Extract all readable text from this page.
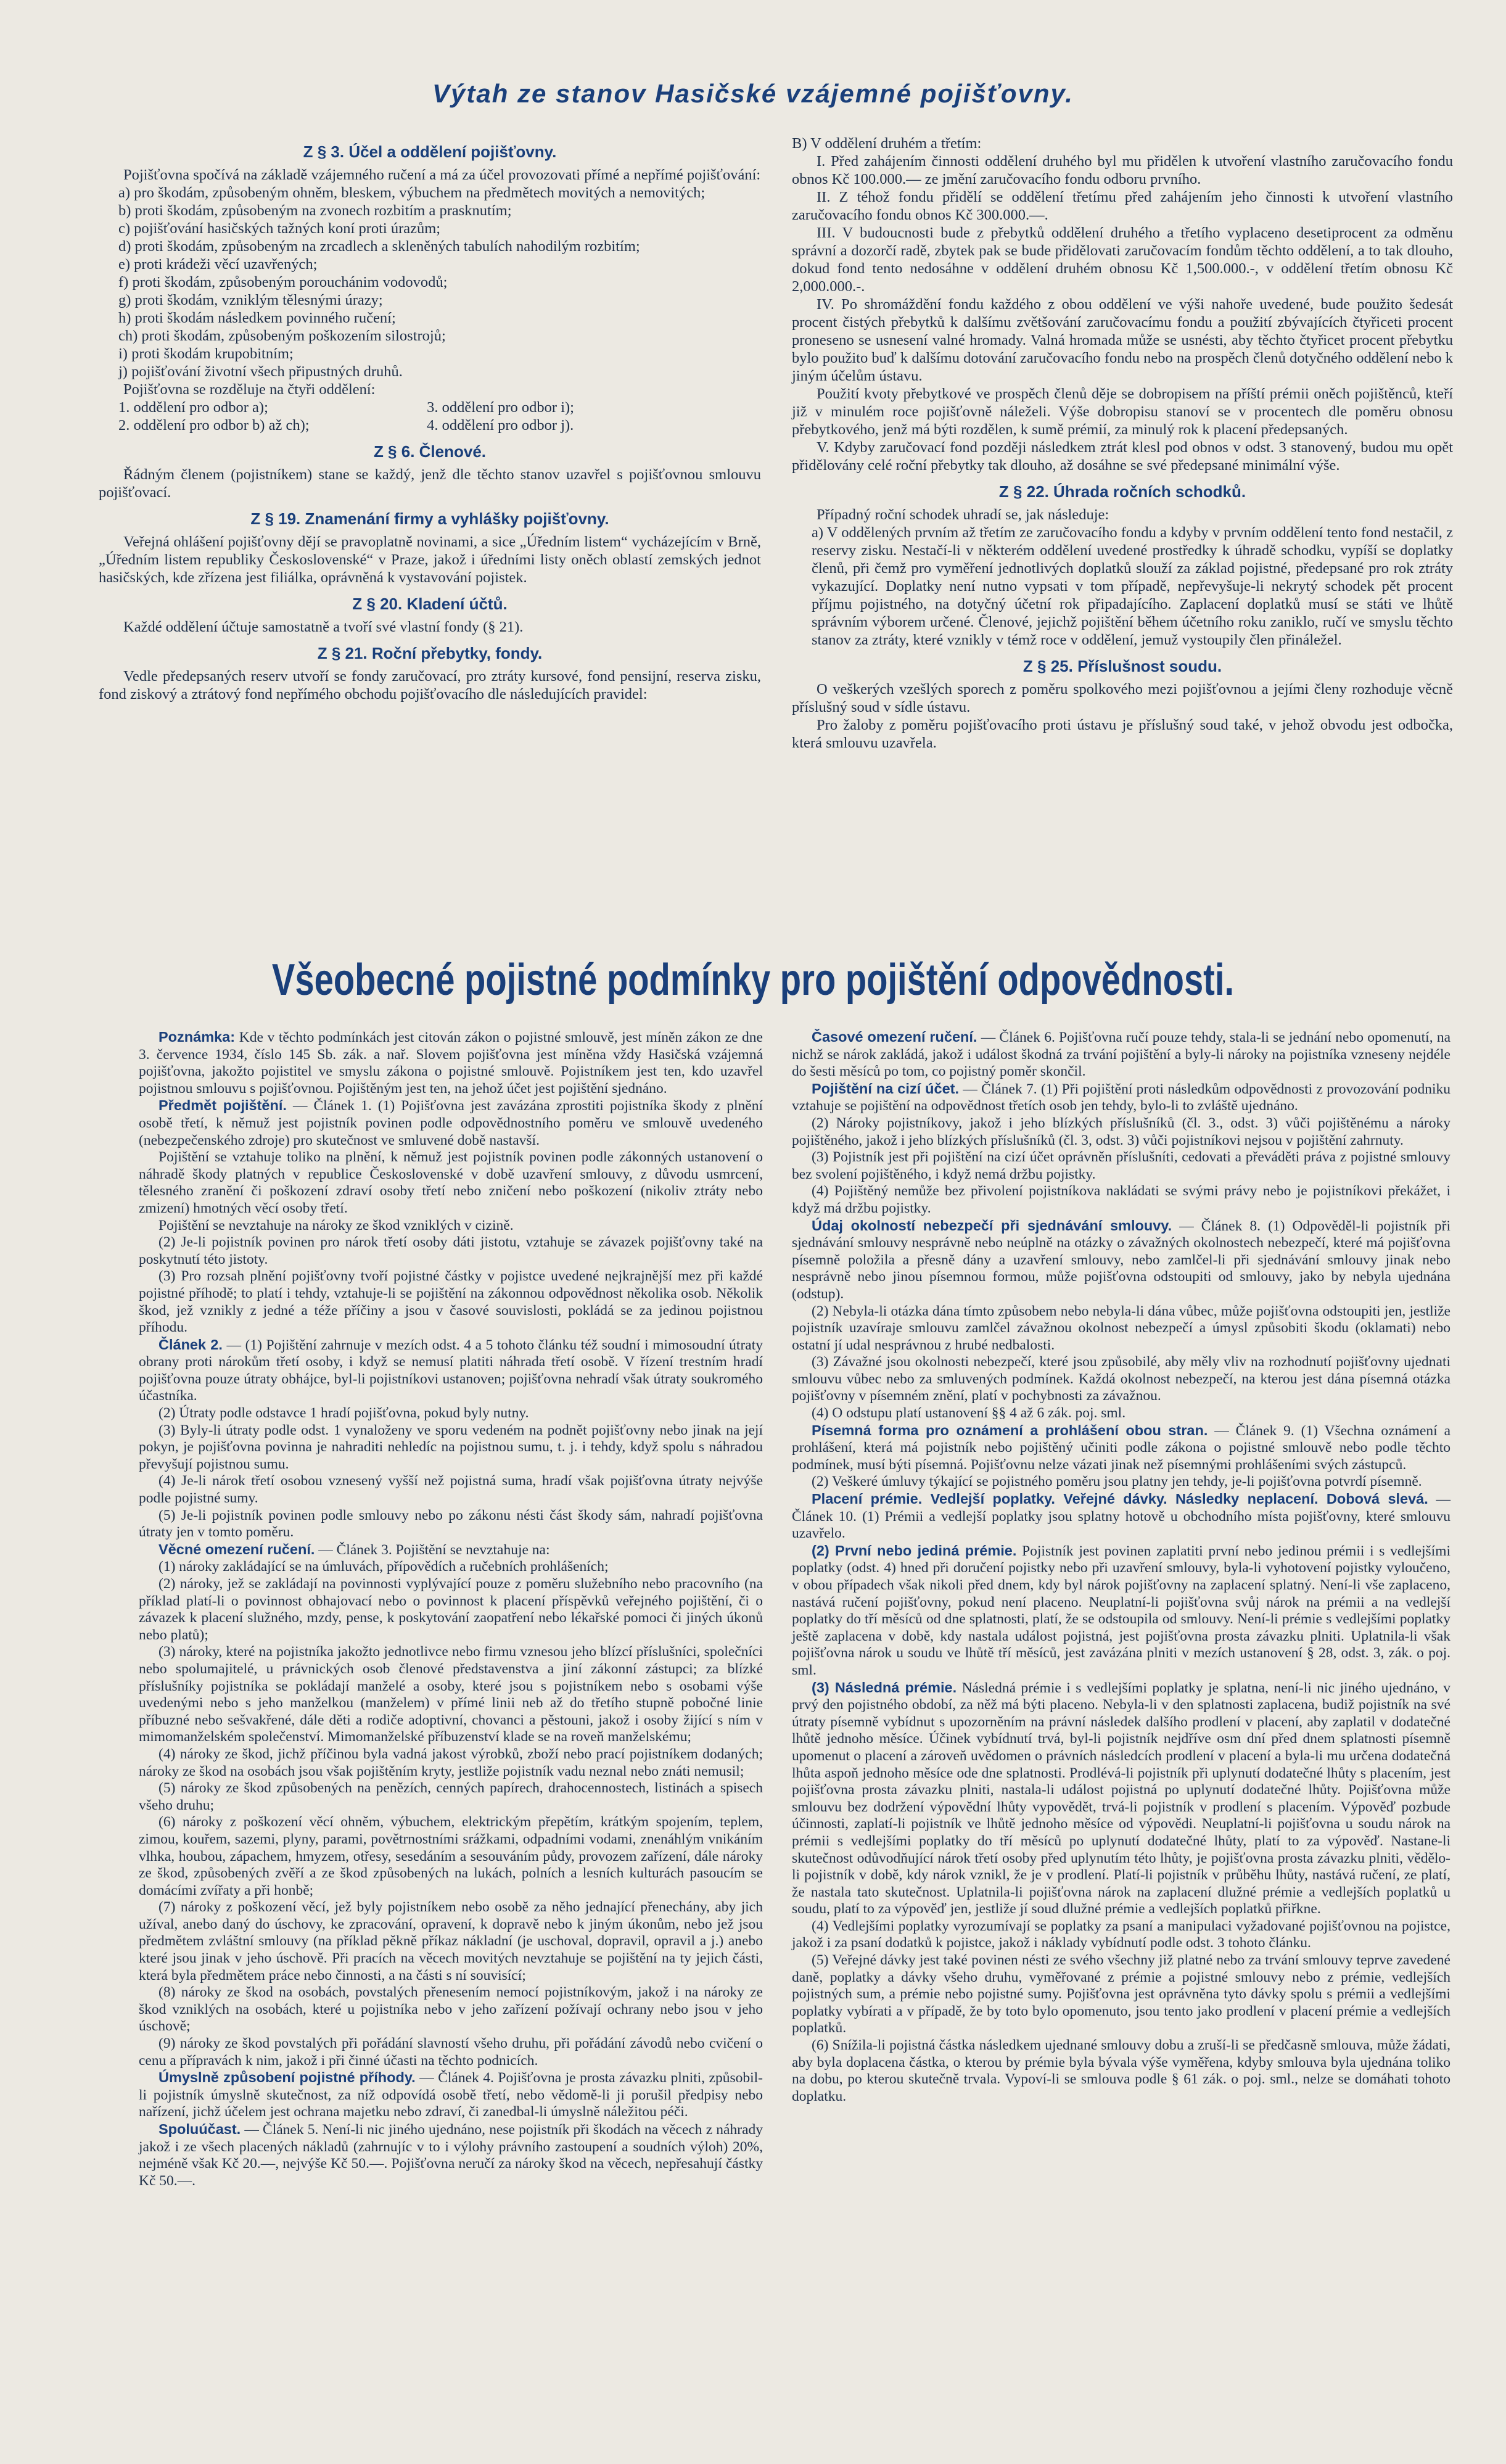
Výtah ze stanov Hasičské vzájemné pojišťovny.
Z § 3. Účel a oddělení pojišťovny.

Pojišťovna spočívá na základě vzájemného ručení a má za účel provozovati přímé a nepřímé pojišťování:

a) pro škodám, způsobeným ohněm, bleskem, výbuchem na předmětech movitých a nemovitých;

b) proti škodám, způsobeným na zvonech rozbitím a prasknutím;

c) pojišťování hasičských tažných koní proti úrazům;

d) proti škodám, způsobeným na zrcadlech a skleněných tabulích nahodilým rozbitím;

e) proti krádeži věcí uzavřených;

f) proti škodám, způsobeným porouchánim vodovodů;

g) proti škodám, vzniklým tělesnými úrazy;

h) proti škodám následkem povinného ručení;

ch) proti škodám, způsobeným poškozením silostrojů;

i) proti škodám krupobitním;

j) pojišťování životní všech připustných druhů.

Pojišťovna se rozděluje na čtyři oddělení:

1. oddělení pro odbor a);	3. oddělení pro odbor i);
2. oddělení pro odbor b) až ch);	4. oddělení pro odbor j).
Z § 6. Členové.

Řádným členem (pojistníkem) stane se každý, jenž dle těchto stanov uzavřel s pojišťovnou smlouvu pojišťovací.

Z § 19. Znamenání firmy a vyhlášky pojišťovny.

Veřejná ohlášení pojišťovny dějí se pravoplatně novinami, a sice „Úředním listem“ vycházejícím v Brně, „Úředním listem republiky Československé“ v Praze, jakož i úředními listy oněch oblastí zemských jednot hasičských, kde zřízena jest filiálka, oprávněná k vystavování pojistek.

Z § 20. Kladení účtů.

Každé oddělení účtuje samostatně a tvoří své vlastní fondy (§ 21).

Z § 21. Roční přebytky, fondy.

Vedle předepsaných reserv utvoří se fondy zaručovací, pro ztráty kursové, fond pensijní, reserva zisku, fond ziskový a ztrátový fond nepřímého obchodu pojišťovacího dle následujících pravidel:

B) V oddělení druhém a třetím:

I. Před zahájením činnosti oddělení druhého byl mu přidělen k utvoření vlastního zaručovacího fondu obnos Kč 100.000.— ze jmění zaručovacího fondu odboru prvního.

II. Z téhož fondu přidělí se oddělení třetímu před zahájením jeho činnosti k utvoření vlastního zaručovacího fondu obnos Kč 300.000.—.

III. V budoucnosti bude z přebytků oddělení druhého a třetího vyplaceno desetiprocent za odměnu správní a dozorčí radě, zbytek pak se bude přidělovati zaručovacím fondům těchto oddělení, a to tak dlouho, dokud fond tento nedosáhne v oddělení druhém obnosu Kč 1,500.000.-, v oddělení třetím obnosu Kč 2,000.000.-.

IV. Po shromáždění fondu každého z obou oddělení ve výši nahoře uvedené, bude použito šedesát procent čistých přebytků k dalšímu zvětšování zaručovacímu fondu a použití zbývajících čtyřiceti procent proneseno se usnesení valné hromady. Valná hromada může se usnésti, aby těchto čtyřicet procent přebytku bylo použito buď k dalšímu dotování zaručovacího fondu nebo na prospěch členů dotyčného oddělení nebo k jiným účelům ústavu.

Použití kvoty přebytkové ve prospěch členů děje se dobropisem na příští prémii oněch pojištěnců, kteří již v minulém roce pojišťovně náleželi. Výše dobropisu stanoví se v procentech dle poměru obnosu přebytkového, jenž má býti rozdělen, k sumě prémií, za minulý rok k placení předepsaných.

V. Kdyby zaručovací fond později následkem ztrát klesl pod obnos v odst. 3 stanovený, budou mu opět přidělovány celé roční přebytky tak dlouho, až dosáhne se své předepsané minimální výše.

Z § 22. Úhrada ročních schodků.

Případný roční schodek uhradí se, jak následuje:

a) V oddělených prvním až třetím ze zaručovacího fondu a kdyby v prvním oddělení tento fond nestačil, z reservy zisku. Nestačí-li v některém oddělení uvedené prostředky k úhradě schodku, vypíší se doplatky členů, při čemž pro vyměření jednotlivých doplatků slouží za základ pojistné, předepsané pro rok ztráty vykazující. Doplatky není nutno vypsati v tom případě, nepřevyšuje-li nekrytý schodek pět procent příjmu pojistného, na dotyčný účetní rok připadajícího. Zaplacení doplatků musí se státi ve lhůtě správním výborem určené. Členové, jejichž pojištění během účetního roku zaniklo, ručí ve smyslu těchto stanov za ztráty, které vznikly v témž roce v oddělení, jemuž vystoupily člen přináležel.

Z § 25. Příslušnost soudu.

O veškerých vzešlých sporech z poměru spolkového mezi pojišťovnou a jejími členy rozhoduje věcně příslušný soud v sídle ústavu.

Pro žaloby z poměru pojišťovacího proti ústavu je příslušný soud také, v jehož obvodu jest odbočka, která smlouvu uzavřela.

Všeobecné pojistné podmínky pro pojištění odpovědnosti.

Poznámka: Kde v těchto podmínkách jest citován zákon o pojistné smlouvě, jest míněn zákon ze dne 3. července 1934, číslo 145 Sb. zák. a nař. Slovem pojišťovna jest míněna vždy Hasičská vzájemná pojišťovna, jakožto pojistitel ve smyslu zákona o pojistné smlouvě. Pojistníkem jest ten, kdo uzavřel pojistnou smlouvu s pojišťovnou. Pojištěným jest ten, na jehož účet jest pojištění sjednáno.

Předmět pojištění. — Článek 1. (1) Pojišťovna jest zavázána zprostiti pojistníka škody z plnění osobě třetí, k němuž jest pojistník povinen podle odpovědnostního poměru ve smlouvě uvedeného (nebezpečenského zdroje) pro skutečnost ve smluvené době nastavší.

Pojištění se vztahuje toliko na plnění, k němuž jest pojistník povinen podle zákonných ustanovení o náhradě škody platných v republice Československé v době uzavření smlouvy, z důvodu usmrcení, tělesného zranění či poškození zdraví osoby třetí nebo zničení nebo poškození (nikoliv ztráty nebo zmizení) hmotných věcí osoby třetí.

Pojištění se nevztahuje na nároky ze škod vzniklých v cizině.

(2) Je-li pojistník povinen pro nárok třetí osoby dáti jistotu, vztahuje se závazek pojišťovny také na poskytnutí této jistoty.

(3) Pro rozsah plnění pojišťovny tvoří pojistné částky v pojistce uvedené nejkrajnější mez při každé pojistné příhodě; to platí i tehdy, vztahuje-li se pojištění na zákonnou odpovědnost několika osob. Několik škod, jež vznikly z jedné a téže příčiny a jsou v časové souvislosti, pokládá se za jedinou pojistnou příhodu.

Článek 2. — (1) Pojištění zahrnuje v mezích odst. 4 a 5 tohoto článku též soudní i mimosoudní útraty obrany proti nárokům třetí osoby, i když se nemusí platiti náhrada třetí osobě. V řízení trestním hradí pojišťovna pouze útraty obhájce, byl-li pojistníkovi ustanoven; pojišťovna nehradí však útraty soukromého účastníka.

(2) Útraty podle odstavce 1 hradí pojišťovna, pokud byly nutny.

(3) Byly-li útraty podle odst. 1 vynaloženy ve sporu vedeném na podnět pojišťovny nebo jinak na její pokyn, je pojišťovna povinna je nahraditi nehledíc na pojistnou sumu, t. j. i tehdy, když spolu s náhradou převyšují pojistnou sumu.

(4) Je-li nárok třetí osobou vznesený vyšší než pojistná suma, hradí však pojišťovna útraty nejvýše podle pojistné sumy.

(5) Je-li pojistník povinen podle smlouvy nebo po zákonu nésti část škody sám, nahradí pojišťovna útraty jen v tomto poměru.

Věcné omezení ručení. — Článek 3. Pojištění se nevztahuje na:

(1) nároky zakládající se na úmluvách, přípovědích a ručebních prohlášeních;

(2) nároky, jež se zakládají na povinnosti vyplývající pouze z poměru služebního nebo pracovního (na příklad platí-li o povinnost obhajovací nebo o povinnost k placení příspěvků veřejného pojištění, či o závazek k placení služného, mzdy, pense, k poskytování zaopatření nebo lékařské pomoci či jiných úkonů nebo platů);

(3) nároky, které na pojistníka jakožto jednotlivce nebo firmu vznesou jeho blízcí příslušníci, společníci nebo spolumajitelé, u právnických osob členové představenstva a jiní zákonní zástupci; za blízké příslušníky pojistníka se pokládají manželé a osoby, které jsou s pojistníkem nebo s osobami výše uvedenými nebo s jeho manželkou (manželem) v přímé linii neb až do třetího stupně pobočné linie příbuzné nebo sešvakřené, dále děti a rodiče adoptivní, chovanci a pěstouni, jakož i osoby žijící s ním v mimomanželském společenství. Mimomanželské příbuzenství klade se na roveň manželskému;

(4) nároky ze škod, jichž příčinou byla vadná jakost výrobků, zboží nebo prací pojistníkem dodaných; nároky ze škod na osobách jsou však pojištěním kryty, jestliže pojistník vadu neznal nebo znáti nemusil;

(5) nároky ze škod způsobených na penězích, cenných papírech, drahocennostech, listinách a spisech všeho druhu;

(6) nároky z poškození věcí ohněm, výbuchem, elektrickým přepětím, krátkým spojením, teplem, zimou, kouřem, sazemi, plyny, parami, povětrnostními srážkami, odpadními vodami, znenáhlým vnikáním vlhka, houbou, zápachem, hmyzem, otřesy, sesedáním a sesouváním půdy, provozem zařízení, dále nároky ze škod, způsobených zvěří a ze škod způsobených na lukách, polních a lesních kulturách pasoucím se domácími zvířaty a při honbě;

(7) nároky z poškození věcí, jež byly pojistníkem nebo osobě za něho jednající přenechány, aby jich užíval, anebo daný do úschovy, ke zpracování, opravení, k dopravě nebo k jiným úkonům, nebo jež jsou předmětem zvláštní smlouvy (na příklad pěkně příkaz nákladní (je uschoval, dopravil, opravil a j.) anebo které jsou jinak v jeho úschově. Při pracích na věcech movitých nevztahuje se pojištění na ty jejich části, která byla předmětem práce nebo činnosti, a na části s ní souvisící;

(8) nároky ze škod na osobách, povstalých přenesením nemocí pojistníkovým, jakož i na nároky ze škod vzniklých na osobách, které u pojistníka nebo v jeho zařízení požívají ochrany nebo jsou v jeho úschově;

(9) nároky ze škod povstalých při pořádání slavností všeho druhu, při pořádání závodů nebo cvičení o cenu a přípravách k nim, jakož i při činné účasti na těchto podnicích.

Úmyslně způsobení pojistné příhody. — Článek 4. Pojišťovna je prosta závazku plniti, způsobil-li pojistník úmyslně skutečnost, za níž odpovídá osobě třetí, nebo vědomě-li ji porušil předpisy nebo nařízení, jichž účelem jest ochrana majetku nebo zdraví, či zanedbal-li úmyslně náležitou péči.

Spoluúčast. — Článek 5. Není-li nic jiného ujednáno, nese pojistník při škodách na věcech z náhrady jakož i ze všech placených nákladů (zahrnujíc v to i výlohy právního zastoupení a soudních výloh) 20%, nejméně však Kč 20.—, nejvýše Kč 50.—. Pojišťovna neručí za nároky škod na věcech, nepřesahují částky Kč 50.—.

Časové omezení ručení. — Článek 6. Pojišťovna ručí pouze tehdy, stala-li se jednání nebo opomenutí, na nichž se nárok zakládá, jakož i událost škodná za trvání pojištění a byly-li nároky na pojistníka vzneseny nejdéle do šesti měsíců po tom, co pojistný poměr skončil.

Pojištění na cizí účet. — Článek 7. (1) Při pojištění proti následkům odpovědnosti z provozování podniku vztahuje se pojištění na odpovědnost třetích osob jen tehdy, bylo-li to zvláště ujednáno.

(2) Nároky pojistníkovy, jakož i jeho blízkých příslušníků (čl. 3., odst. 3) vůči pojištěnému a nároky pojištěného, jakož i jeho blízkých příslušníků (čl. 3, odst. 3) vůči pojistníkovi nejsou v pojištění zahrnuty.

(3) Pojistník jest při pojištění na cizí účet oprávněn příslušníti, cedovati a převáděti práva z pojistné smlouvy bez svolení pojištěného, i když nemá držbu pojistky.

(4) Pojištěný nemůže bez přivolení pojistníkova nakládati se svými právy nebo je pojistníkovi překážet, i když má držbu pojistky.

Údaj okolností nebezpečí při sjednávání smlouvy. — Článek 8. (1) Odpověděl-li pojistník při sjednávání smlouvy nesprávně nebo neúplně na otázky o závažných okolnostech nebezpečí, které má pojišťovna písemně položila a přesně dány a uzavření smlouvy, nebo zamlčel-li při sjednávání smlouvy jinak nebo nesprávně nebo jinou písemnou formou, může pojišťovna odstoupiti od smlouvy, jako by nebyla ujednána (odstup).

(2) Nebyla-li otázka dána tímto způsobem nebo nebyla-li dána vůbec, může pojišťovna odstoupiti jen, jestliže pojistník uzavíraje smlouvu zamlčel závažnou okolnost nebezpečí a úmysl způsobiti škodu (oklamati) nebo ostatní jí udal nesprávnou z hrubé nedbalosti.

(3) Závažné jsou okolnosti nebezpečí, které jsou způsobilé, aby měly vliv na rozhodnutí pojišťovny ujednati smlouvu vůbec nebo za smluvených podmínek. Každá okolnost nebezpečí, na kterou jest dána písemná otázka pojišťovny v písemném znění, platí v pochybnosti za závažnou.

(4) O odstupu platí ustanovení §§ 4 až 6 zák. poj. sml.

Písemná forma pro oznámení a prohlášení obou stran. — Článek 9. (1) Všechna oznámení a prohlášení, která má pojistník nebo pojištěný učiniti podle zákona o pojistné smlouvě nebo podle těchto podmínek, musí býti písemná. Pojišťovnu nelze vázati jinak než písemnými prohlášeními svých zástupců.

(2) Veškeré úmluvy týkající se pojistného poměru jsou platny jen tehdy, je-li pojišťovna potvrdí písemně.

Placení prémie. Vedlejší poplatky. Veřejné dávky. Následky neplacení. Dobová slevá. — Článek 10. (1) Prémii a vedlejší poplatky jsou splatny hotově u obchodního místa pojišťovny, které smlouvu uzavřelo.

(2) První nebo jediná prémie. Pojistník jest povinen zaplatiti první nebo jedinou prémii i s vedlejšími poplatky (odst. 4) hned při doručení pojistky nebo při uzavření smlouvy, byla-li vyhotovení pojistky vyloučeno, v obou případech však nikoli před dnem, kdy byl nárok pojišťovny na zaplacení splatný. Není-li vše zaplaceno, nastává ručení pojišťovny, pokud není placeno. Neuplatní-li pojišťovna svůj nárok na prémii a na vedlejší poplatky do tří měsíců od dne splatnosti, platí, že se odstoupila od smlouvy. Není-li prémie s vedlejšími poplatky ještě zaplacena v době, kdy nastala událost pojistná, jest pojišťovna prosta závazku plniti. Uplatnila-li však pojišťovna nárok u soudu ve lhůtě tří měsíců, jest zavázána plniti v mezích ustanovení § 28, odst. 3, zák. o poj. sml.

(3) Následná prémie. Následná prémie i s vedlejšími poplatky je splatna, není-li nic jiného ujednáno, v prvý den pojistného období, za něž má býti placeno. Nebyla-li v den splatnosti zaplacena, budiž pojistník na své útraty písemně vybídnut s upozorněním na právní následek dalšího prodlení v placení, aby zaplatil v dodatečné lhůtě jednoho měsíce. Účinek vybídnutí trvá, byl-li pojistník nejdříve osm dní před dnem splatnosti písemně upomenut o placení a zároveň uvědomen o právních následcích prodlení v placení a byla-li mu určena dodatečná lhůta aspoň jednoho měsíce ode dne splatnosti. Prodlévá-li pojistník při uplynutí dodatečné lhůty s placením, jest pojišťovna prosta závazku plniti, nastala-li událost pojistná po uplynutí dodatečné lhůty. Pojišťovna může smlouvu bez dodržení výpovědní lhůty vypovědět, trvá-li pojistník v prodlení s placením. Výpověď pozbude účinnosti, zaplatí-li pojistník ve lhůtě jednoho měsíce od výpovědi. Neuplatní-li pojišťovna u soudu nárok na prémii s vedlejšími poplatky do tří měsíců po uplynutí dodatečné lhůty, platí to za výpověď. Nastane-li skutečnost odůvodňující nárok třetí osoby před uplynutím této lhůty, je pojišťovna prosta závazku plniti, vědělo-li pojistník v době, kdy nárok vznikl, že je v prodlení. Platí-li pojistník v průběhu lhůty, nastává ručení, ze platí, že nastala tato skutečnost. Uplatnila-li pojišťovna nárok na zaplacení dlužné prémie a vedlejších poplatků u soudu, platí to za výpověď jen, jestliže jí soud dlužné prémie a vedlejších poplatků přiřkne.

(4) Vedlejšími poplatky vyrozumívají se poplatky za psaní a manipulaci vyžadované pojišťovnou na pojistce, jakož i za psaní dodatků k pojistce, jakož i náklady vybídnutí podle odst. 3 tohoto článku.

(5) Veřejné dávky jest také povinen nésti ze svého všechny již platné nebo za trvání smlouvy teprve zavedené daně, poplatky a dávky všeho druhu, vyměřované z prémie a pojistné smlouvy nebo z prémie, vedlejších pojistných sum, a prémie nebo pojistné sumy. Pojišťovna jest oprávněna tyto dávky spolu s prémii a vedlejšími poplatky vybírati a v případě, že by toto bylo opomenuto, jsou tento jako prodlení v placení prémie a vedlejších poplatků.

(6) Snížila-li pojistná částka následkem ujednané smlouvy dobu a zruší-li se předčasně smlouva, může žádati, aby byla doplacena částka, o kterou by prémie byla bývala výše vyměřena, kdyby smlouva byla ujednána toliko na dobu, po kterou skutečně trvala. Vypoví-li se smlouva podle § 61 zák. o poj. sml., nelze se domáhati tohoto doplatku.
